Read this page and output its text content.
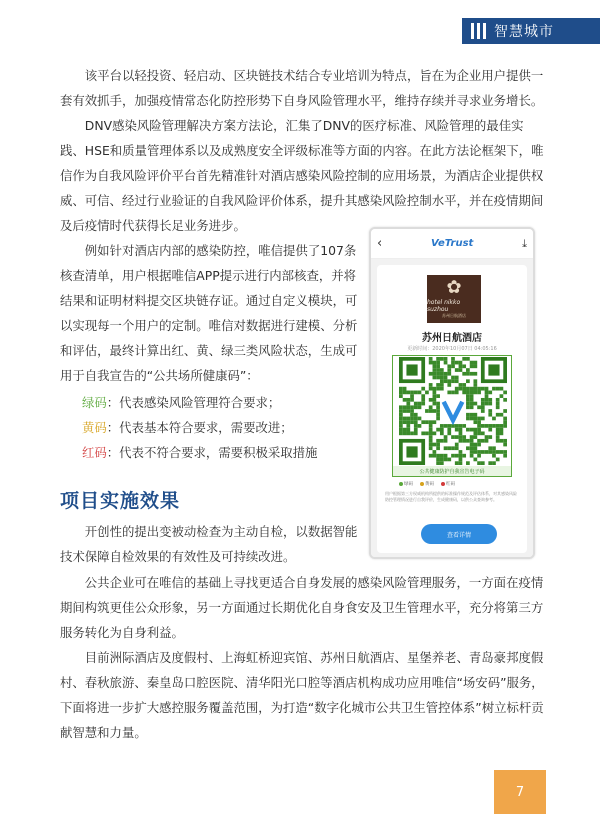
智慧城市

该平台以轻投资、轻启动、区块链技术结合专业培训为特点，旨在为企业用户提供一套有效抓手，加强疫情常态化防控形势下自身风险管理水平，维持存续并寻求业务增长。

DNV感染风险管理解决方案方法论，汇集了DNV的医疗标准、风险管理的最佳实践、HSE和质量管理体系以及成熟度安全评级标准等方面的内容。在此方法论框架下，唯信作为自我风险评价平台首先精准针对酒店感染风险控制的应用场景，为酒店企业提供权威、可信、经过行业验证的自我风险评价体系，提升其感染风险控制水平，并在疫情期间及后疫情时代获得长足业务进步。

例如针对酒店内部的感染防控，唯信提供了107条核查清单，用户根据唯信APP提示进行内部核查，并将结果和证明材料提交区块链存证。通过自定义模块，可以实现每一个用户的定制。唯信对数据进行建模、分析和评估，最终计算出红、黄、绿三类风险状态，生成可用于自我宣告的“公共场所健康码”：

绿码：代表感染风险管理符合要求；
黄码：代表基本符合要求，需要改进；
红码：代表不符合要求，需要积极采取措施
项目实施效果

开创性的提出变被动检查为主动自检，以数据智能技术保障自检效果的有效性及可持续改进。

公共企业可在唯信的基础上寻找更适合自身发展的感染风险管理服务，一方面在疫情期间构筑更佳公众形象，另一方面通过长期优化自身食安及卫生管理水平，充分将第三方服务转化为自身利益。

目前洲际酒店及度假村、上海虹桥迎宾馆、苏州日航酒店、星堡养老、青岛豪邦度假村、春秋旅游、秦皇岛口腔医院、清华阳光口腔等酒店机构成功应用唯信“场安码”服务，下面将进一步扩大感控服务覆盖范围，为打造“数字化城市公共卫生管控体系”树立标杆贡献智慧和力量。

‹	VeTrust	⤓
✿
hotel nikko suzhou
苏州日航酒店
苏州日航酒店
更新时间：2020年10月07日 04:05:16
公共健康防护自我宣告电子码
绿码	黄码	红码
用户根据第三方权威机构所提供的标准操作规范及评估体系，对其感染风险防控管理情况进行自我评价，生成健康码，以供公众查询参考。
查看详情
7
